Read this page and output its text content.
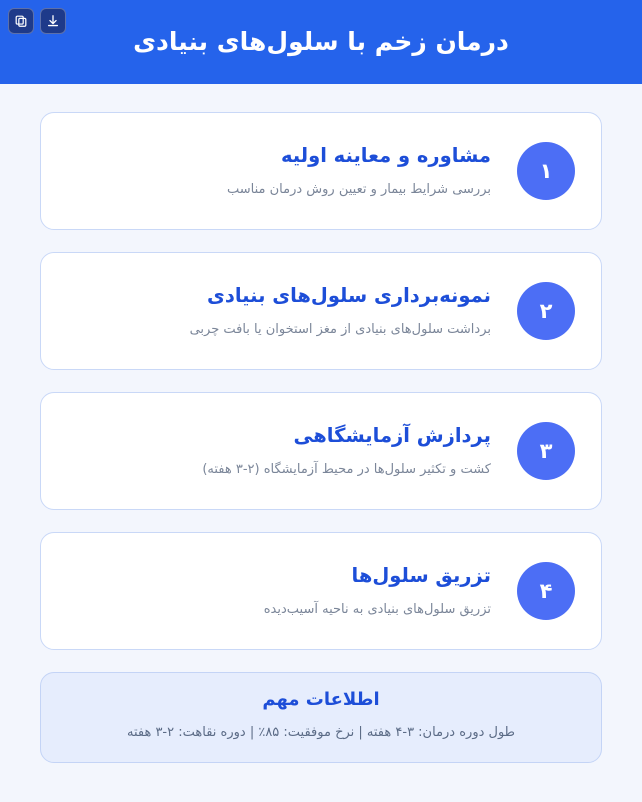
درمان زخم با سلول‌های بنیادی
۱
مشاوره و معاینه اولیه
بررسی شرایط بیمار و تعیین روش درمان مناسب
۲
نمونه‌برداری سلول‌های بنیادی
برداشت سلول‌های بنیادی از مغز استخوان یا بافت چربی
۳
پردازش آزمایشگاهی
کشت و تکثیر سلول‌ها در محیط آزمایشگاه (۲-۳ هفته)
۴
تزریق سلول‌ها
تزریق سلول‌های بنیادی به ناحیه آسیب‌دیده
اطلاعات مهم
طول دوره درمان: ۳-۴ هفته | نرخ موفقیت: ۸۵٪ | دوره نقاهت: ۲-۳ هفته
